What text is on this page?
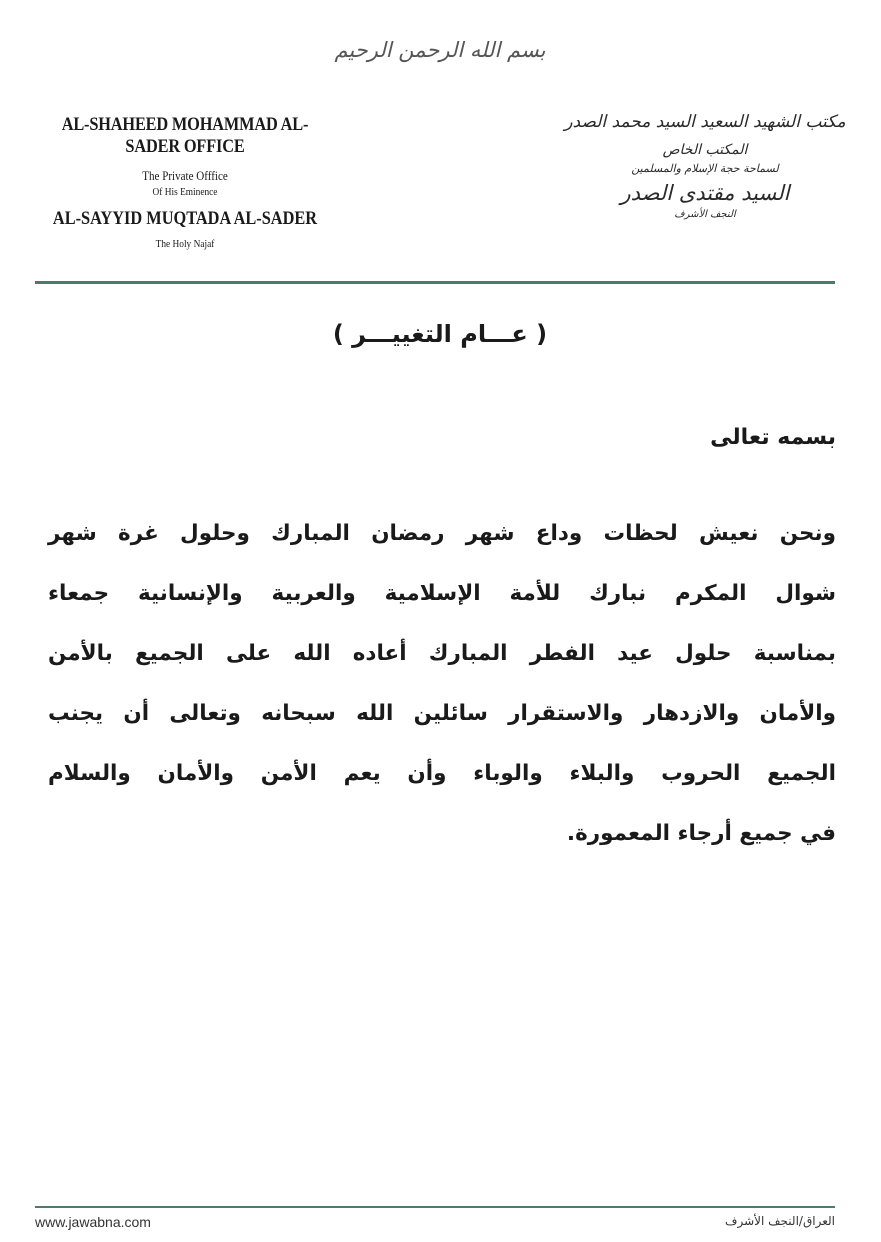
بسم الله الرحمن الرحيم
AL-SHAHEED MOHAMMAD AL-SADER OFFICE
The Private Offfice
Of His Eminence
AL-SAYYID MUQTADA AL-SADER
The Holy Najaf
مكتب الشهيد السعيد السيد محمد الصدر
المكتب الخاص
لسماحة حجة الإسلام والمسلمين
السيد مقتدى الصدر
النجف الأشرف
( عـــام التغييـــر )
بسمه تعالى
ونحن نعيش لحظات وداع شهر رمضان المبارك وحلول غرة شهر
شوال المكرم نبارك للأمة الإسلامية والعربية والإنسانية جمعاء
بمناسبة حلول عيد الفطر المبارك أعاده الله على الجميع بالأمن
والأمان والازدهار والاستقرار سائلين الله سبحانه وتعالى أن يجنب
الجميع الحروب والبلاء والوباء وأن يعم الأمن والأمان والسلام
في جميع أرجاء المعمورة.
www.jawabna.com	العراق/النجف الأشرف
